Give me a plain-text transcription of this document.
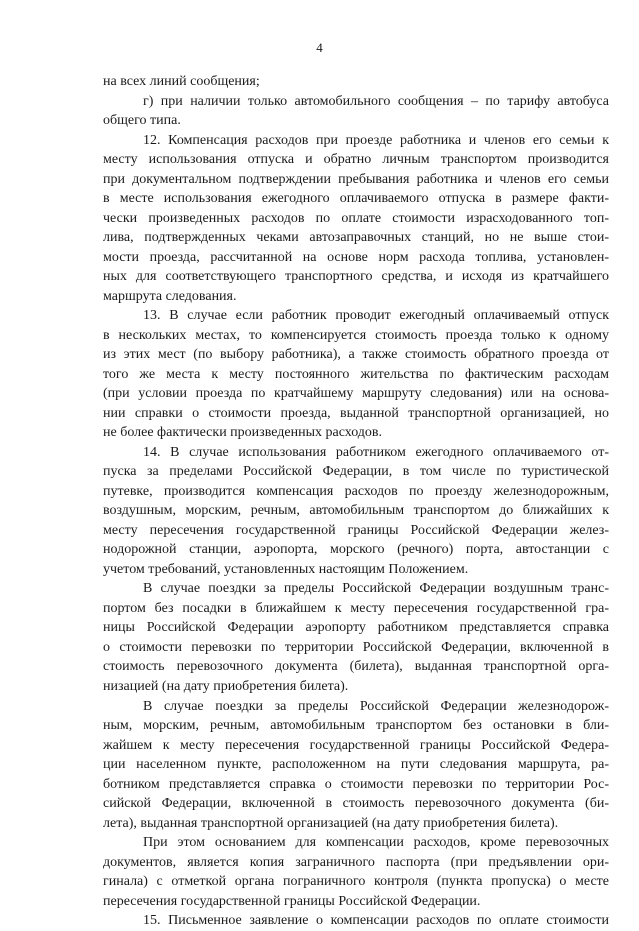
4
на всех линий сообщения;
г) при наличии только автомобильного сообщения – по тарифу автобуса
общего типа.
12. Компенсация расходов при проезде работника и членов его семьи к
месту использования отпуска и обратно личным транспортом производится
при документальном подтверждении пребывания работника и членов его семьи
в месте использования ежегодного оплачиваемого отпуска в размере факти-
чески произведенных расходов по оплате стоимости израсходованного топ-
лива, подтвержденных чеками автозаправочных станций, но не выше стои-
мости проезда, рассчитанной на основе норм расхода топлива, установлен-
ных для соответствующего транспортного средства, и исходя из кратчайшего
маршрута следования.
13. В случае если работник проводит ежегодный оплачиваемый отпуск
в нескольких местах, то компенсируется стоимость проезда только к одному
из этих мест (по выбору работника), а также стоимость обратного проезда от
того же места к месту постоянного жительства по фактическим расходам
(при условии проезда по кратчайшему маршруту следования) или на основа-
нии справки о стоимости проезда, выданной транспортной организацией, но
не более фактически произведенных расходов.
14. В случае использования работником ежегодного оплачиваемого от-
пуска за пределами Российской Федерации, в том числе по туристической
путевке, производится компенсация расходов по проезду железнодорожным,
воздушным, морским, речным, автомобильным транспортом до ближайших к
месту пересечения государственной границы Российской Федерации желез-
нодорожной станции, аэропорта, морского (речного) порта, автостанции с
учетом требований, установленных настоящим Положением.
В случае поездки за пределы Российской Федерации воздушным транс-
портом без посадки в ближайшем к месту пересечения государственной гра-
ницы Российской Федерации аэропорту работником представляется справка
о стоимости перевозки по территории Российской Федерации, включенной в
стоимость перевозочного документа (билета), выданная транспортной орга-
низацией (на дату приобретения билета).
В случае поездки за пределы Российской Федерации железнодорож-
ным, морским, речным, автомобильным транспортом без остановки в бли-
жайшем к месту пересечения государственной границы Российской Федера-
ции населенном пункте, расположенном на пути следования маршрута, ра-
ботником представляется справка о стоимости перевозки по территории Рос-
сийской Федерации, включенной в стоимость перевозочного документа (би-
лета), выданная транспортной организацией (на дату приобретения билета).
При этом основанием для компенсации расходов, кроме перевозочных
документов, является копия заграничного паспорта (при предъявлении ори-
гинала) с отметкой органа пограничного контроля (пункта пропуска) о месте
пересечения государственной границы Российской Федерации.
15. Письменное заявление о компенсации расходов по оплате стоимости
